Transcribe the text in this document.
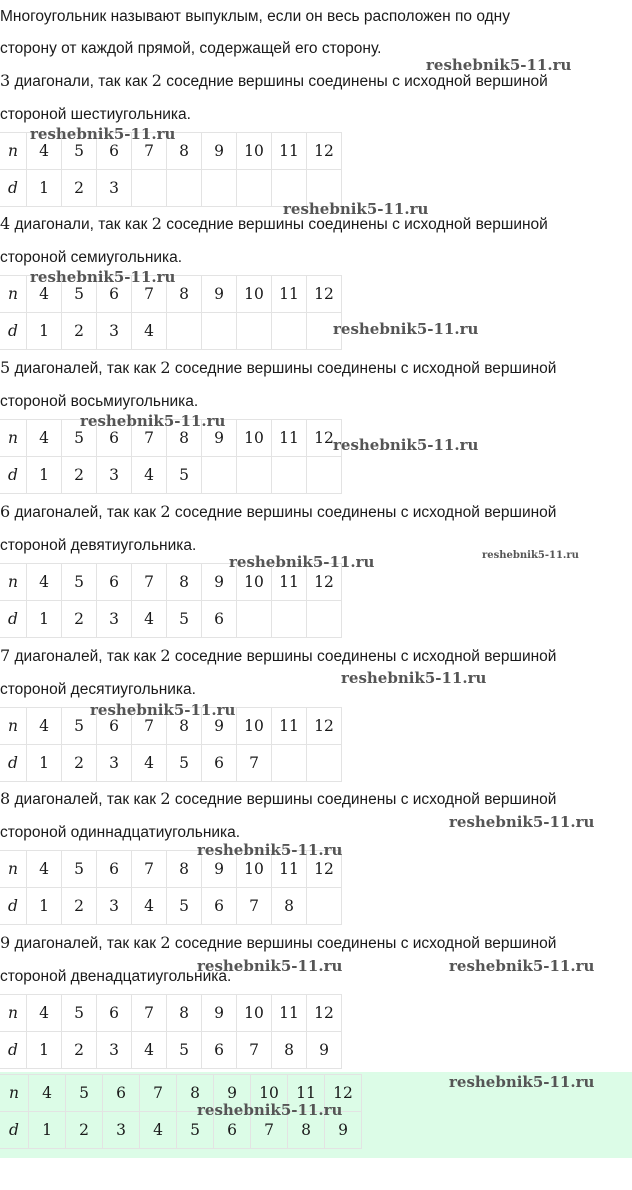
Многоугольник называют выпуклым, если он весь расположен по одну

сторону от каждой прямой, содержащей его сторону.

3 диагонали, так как 2 соседние вершины соединены с исходной вершиной

стороной шестиугольника.

n	4	5	6	7	8	9	10	11	12
d	1	2	3						

4 диагонали, так как 2 соседние вершины соединены с исходной вершиной

стороной семиугольника.

n	4	5	6	7	8	9	10	11	12
d	1	2	3	4					

5 диагоналей, так как 2 соседние вершины соединены с исходной вершиной

стороной восьмиугольника.

n	4	5	6	7	8	9	10	11	12
d	1	2	3	4	5				

6 диагоналей, так как 2 соседние вершины соединены с исходной вершиной

стороной девятиугольника.

n	4	5	6	7	8	9	10	11	12
d	1	2	3	4	5	6			

7 диагоналей, так как 2 соседние вершины соединены с исходной вершиной

стороной десятиугольника.

n	4	5	6	7	8	9	10	11	12
d	1	2	3	4	5	6	7		

8 диагоналей, так как 2 соседние вершины соединены с исходной вершиной

стороной одиннадцатиугольника.

n	4	5	6	7	8	9	10	11	12
d	1	2	3	4	5	6	7	8	

9 диагоналей, так как 2 соседние вершины соединены с исходной вершиной

стороной двенадцатиугольника.

n	4	5	6	7	8	9	10	11	12
d	1	2	3	4	5	6	7	8	9
n	4	5	6	7	8	9	10	11	12
d	1	2	3	4	5	6	7	8	9
reshebnik5-11.ru
reshebnik5-11.ru
reshebnik5-11.ru
reshebnik5-11.ru
reshebnik5-11.ru
reshebnik5-11.ru
reshebnik5-11.ru
reshebnik5-11.ru	reshebnik5-11.ru
reshebnik5-11.ru
reshebnik5-11.ru
reshebnik5-11.ru
reshebnik5-11.ru
reshebnik5-11.ru	reshebnik5-11.ru
reshebnik5-11.ru
reshebnik5-11.ru
